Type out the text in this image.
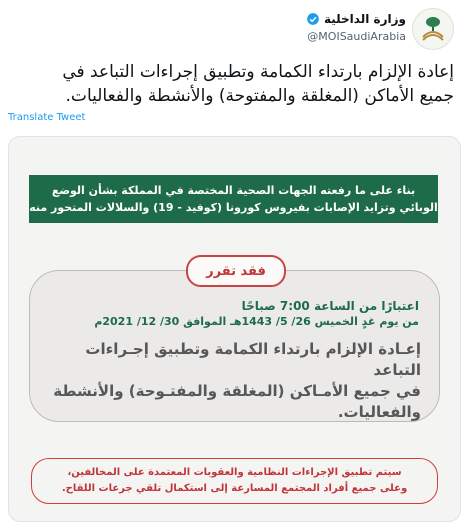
وزارة الداخلية
@MOISaudiArabia
إعادة الإلزام بارتداء الكمامة وتطبيق إجراءات التباعد في
جميع الأماكن (المغلقة والمفتوحة) والأنشطة والفعاليات.
Translate Tweet
بناء على ما رفعته الجهات الصحية المختصة في المملكة بشأن الوضع
الوبائي وتزايد الإصابات بفيروس كورونا (كوفيد - 19) والسلالات المتحور منه
اعتبارًا من الساعة 7:00 صباحًا
من يوم غدٍ الخميس 26/ 5/ 1443هـ الموافق 30/ 12/ 2021م
إعـادة الإلزام بارتداء الكمامة وتطبيق إجـراءات التباعد
في جميع الأمـاكن (المغلقة والمفتـوحة) والأنشطة
والفعاليات.
فقد تقرر
سيتم تطبيق الإجراءات النظامية والعقوبات المعتمدة على المخالفين،
وعلى جميع أفراد المجتمع المسارعة إلى استكمال تلقي جرعات اللقاح.
